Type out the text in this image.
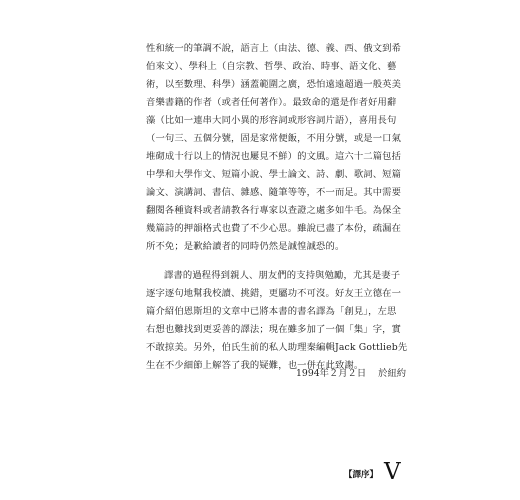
性和統一的筆調不說，語言上（由法、德、義、西、俄文到希
伯來文）、學科上（自宗教、哲學、政治、時事、語文化、藝
術，以至數理、科學）涵蓋範圍之廣，恐怕遠遠超過一般英美
音樂書籍的作者（或者任何著作）。最致命的還是作者好用辭
藻（比如一連串大同小異的形容詞或形容詞片語），喜用長句
（一句三、五個分號，固是家常便飯，不用分號，或是一口氣
堆砌成十行以上的情況也屢見不鮮）的文風。這六十二篇包括
中學和大學作文、短篇小說、學士論文、詩、劇、歌詞、短篇
論文、演講詞、書信、雜感、隨筆等等，不一而足。其中需要
翻閱各種資料或者請教各行專家以查證之處多如牛毛。為保全
幾篇詩的押韻格式也費了不少心思。雖說已盡了本份，疏漏在
所不免；是歉給讀者的同時仍然是誠惶誠恐的。
譯書的過程得到親人、朋友們的支持與勉勵，尤其是妻子
逐字逐句地幫我校讀、挑錯，更屬功不可沒。好友王立德在一
篇介紹伯恩斯坦的文章中已將本書的書名譯為「創見」，左思
右想也難找到更妥善的譯法；現在雖多加了一個「集」字，實
不敢掠美。另外，伯氏生前的私人助理秦編輯Jack Gottlieb先
生在不少細節上解答了我的疑難，也一併在此致謝。
1994年２月２日 於紐約
【譯序】 V
